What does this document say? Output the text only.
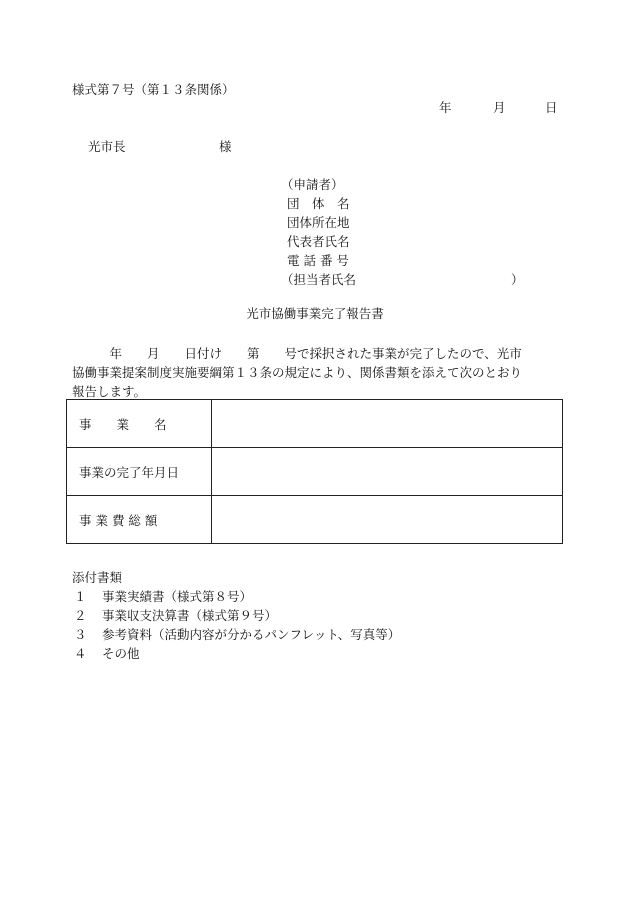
様式第７号（第１３条関係）
年	月	日
光市長	様
（申請者）
団　体　名
団体所在地
代表者氏名
電 話 番 号
（担当者氏名	）
光市協働事業完了報告書
　　　年　　月　　日付け　　第　　号で採択された事業が完了したので、光市
協働事業提案制度実施要綱第１３条の規定により、関係書類を添えて次のとおり
報告します。
事　　業　　名	
事業の完了年月日	
事 業 費 総 額	
添付書類
１	事業実績書（様式第８号）
２	事業収支決算書（様式第９号）
３	参考資料（活動内容が分かるパンフレット、写真等）
４	その他
